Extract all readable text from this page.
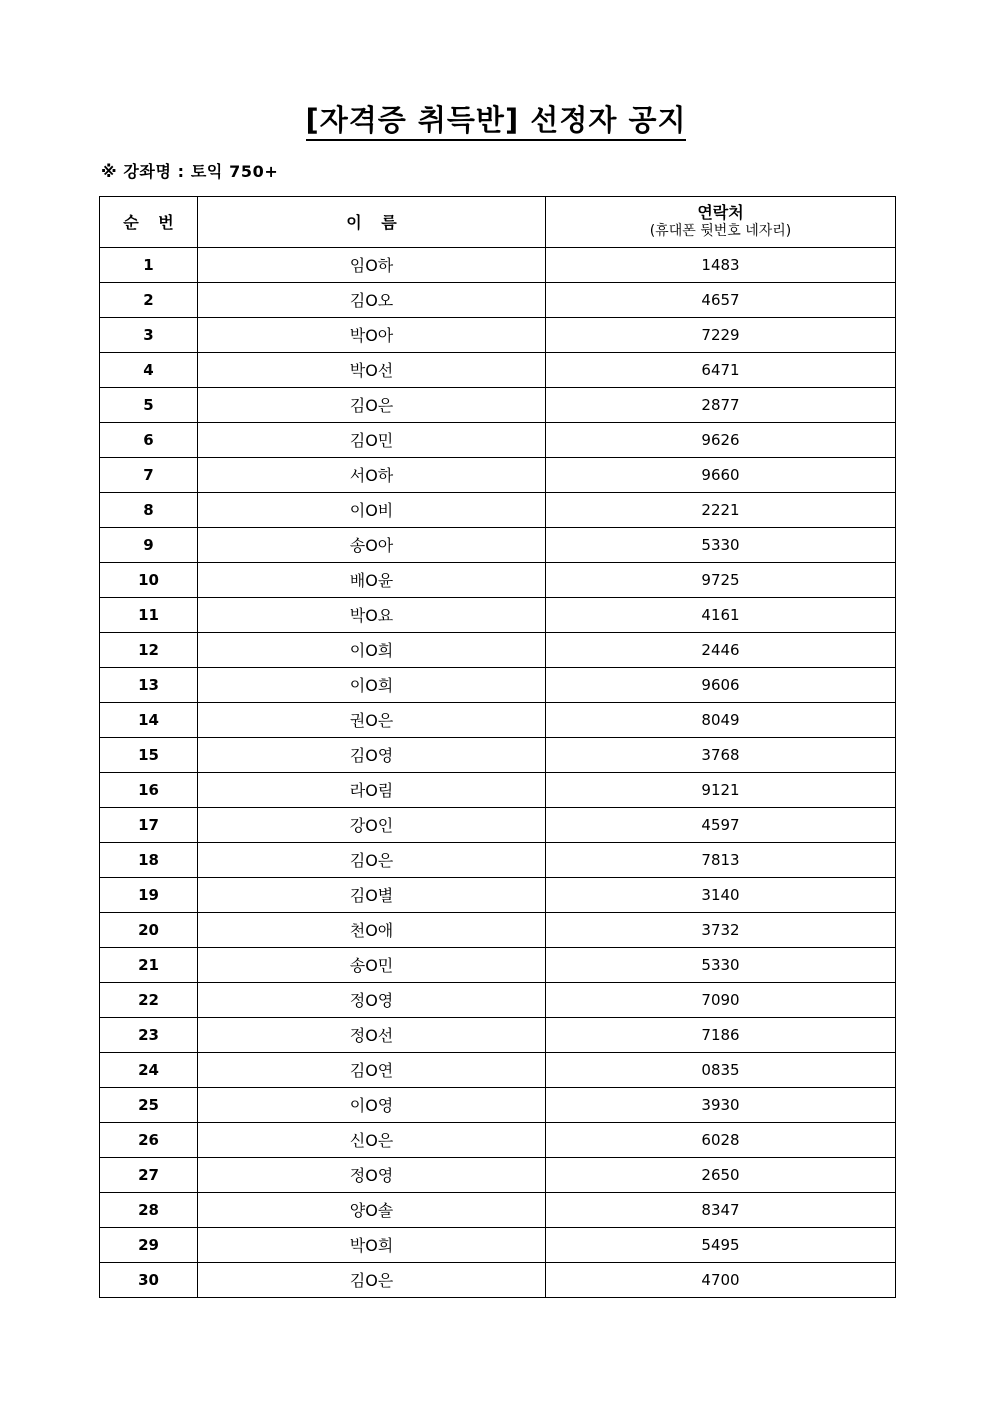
[자격증 취득반] 선정자 공지
※ 강좌명 : 토익 750+
순 번	이 름	연락처
(휴대폰 뒷번호 네자리)

1	임O하	1483
2	김O오	4657
3	박O아	7229
4	박O선	6471
5	김O은	2877
6	김O민	9626
7	서O하	9660
8	이O비	2221
9	송O아	5330
10	배O윤	9725
11	박O요	4161
12	이O희	2446
13	이O희	9606
14	권O은	8049
15	김O영	3768
16	라O림	9121
17	강O인	4597
18	김O은	7813
19	김O별	3140
20	천O애	3732
21	송O민	5330
22	정O영	7090
23	정O선	7186
24	김O연	0835
25	이O영	3930
26	신O은	6028
27	정O영	2650
28	양O솔	8347
29	박O희	5495
30	김O은	4700
